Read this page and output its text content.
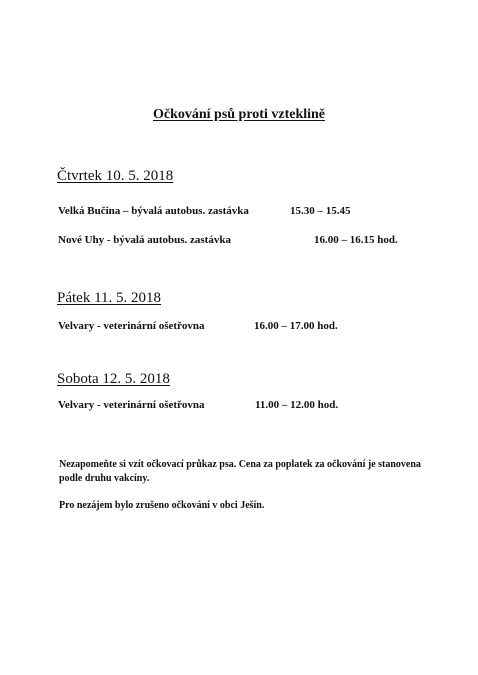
Očkování psů proti vzteklině
Čtvrtek 10. 5. 2018
Velká Bučina – bývalá autobus. zastávka	15.30 – 15.45
Nové Uhy - bývalá autobus. zastávka	16.00 – 16.15 hod.
Pátek 11. 5. 2018
Velvary - veterinární ošetřovna	16.00 – 17.00 hod.
Sobota 12. 5. 2018
Velvary - veterinární ošetřovna	11.00 – 12.00 hod.
Nezapomeňte si vzít očkovací průkaz psa. Cena za poplatek za očkování je stanovena podle druhu vakcíny.
Pro nezájem bylo zrušeno očkování v obci Ješín.
